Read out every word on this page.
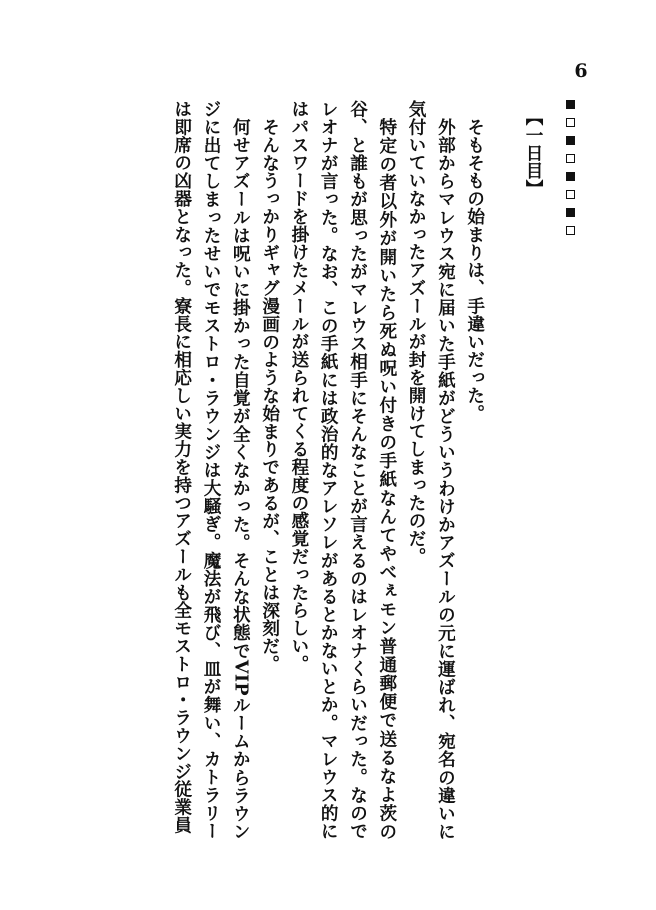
6

【一日目】

そもそもの始まりは、手違いだった。

外部からマレウス宛に届いた手紙がどういうわけかアズールの元に運ばれ、宛名の違いに気付いていなかったアズールが封を開けてしまったのだ。

特定の者以外が開いたら死ぬ呪い付きの手紙なんてやべぇモン普通郵便で送るなよ茨の谷、と誰もが思ったがマレウス相手にそんなことが言えるのはレオナくらいだった。なのでレオナが言った。なお、この手紙には政治的なアレソレがあるとかないとか。マレウス的にはパスワードを掛けたメールが送られてくる程度の感覚だったらしい。

そんなうっかりギャグ漫画のような始まりであるが、ことは深刻だ。

何せアズールは呪いに掛かった自覚が全くなかった。そんな状態でVIPルームからラウンジに出てしまったせいでモストロ・ラウンジは大騒ぎ。魔法が飛び、皿が舞い、カトラリーは即席の凶器となった。寮長に相応しい実力を持つアズールも全モストロ・ラウンジ従業員
